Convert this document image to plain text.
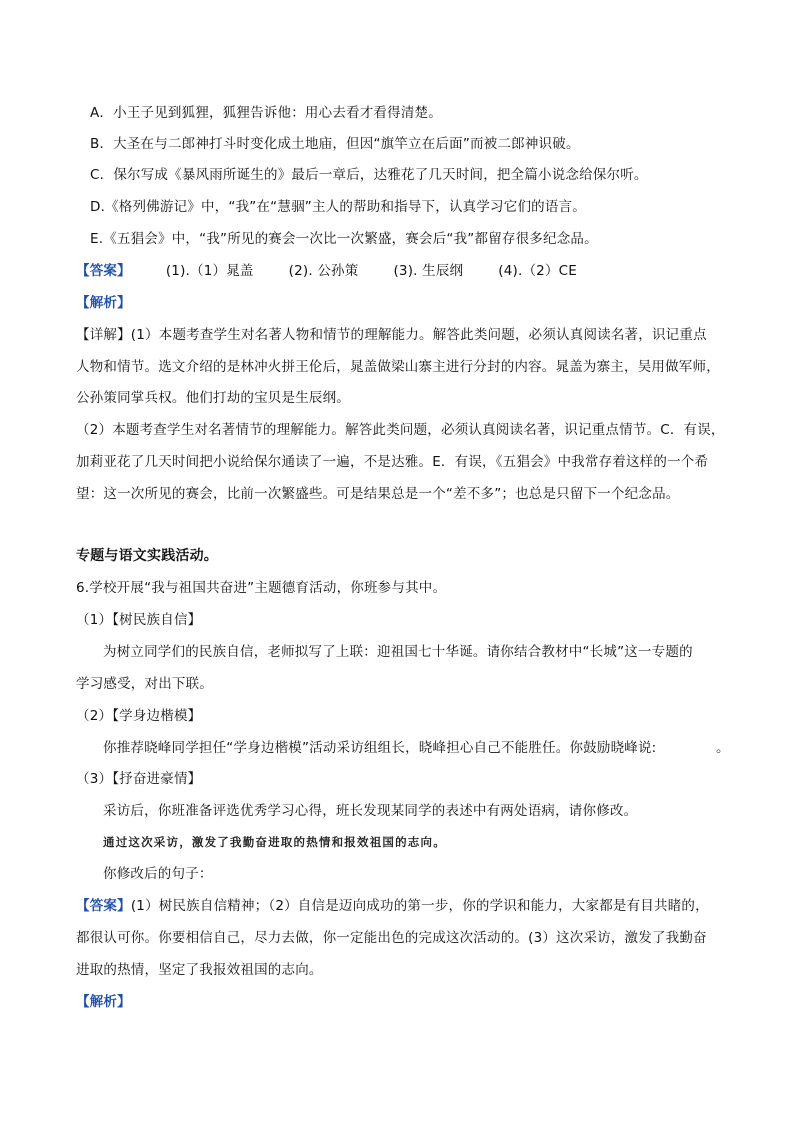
A．小王子见到狐狸，狐狸告诉他：用心去看才看得清楚。
B．大圣在与二郎神打斗时变化成土地庙，但因“旗竿立在后面”而被二郎神识破。
C．保尔写成《暴风雨所诞生的》最后一章后，达雅花了几天时间，把全篇小说念给保尔听。
D.《格列佛游记》中，“我”在“慧骃”主人的帮助和指导下，认真学习它们的语言。
E.《五猖会》中，“我”所见的赛会一次比一次繁盛，赛会后“我”都留存很多纪念品。
【答案】	(1).（1）晁盖	(2). 公孙策	(3). 生辰纲	(4).（2）CE
【解析】
【详解】(1）本题考查学生对名著人物和情节的理解能力。解答此类问题，必须认真阅读名著，识记重点
人物和情节。选文介绍的是林冲火拼王伦后，晁盖做梁山寨主进行分封的内容。晁盖为寨主，吴用做军师，
公孙策同掌兵权。他们打劫的宝贝是生辰纲。
（2）本题考查学生对名著情节的理解能力。解答此类问题，必须认真阅读名著，识记重点情节。C．有误，
加莉亚花了几天时间把小说给保尔通读了一遍，不是达雅。E．有误，《五猖会》中我常存着这样的一个希
望：这一次所见的赛会，比前一次繁盛些。可是结果总是一个“差不多”；也总是只留下一个纪念品。
专题与语文实践活动。
6.学校开展“我与祖国共奋进”主题德育活动，你班参与其中。
（1）【树民族自信】
为树立同学们的民族自信，老师拟写了上联：迎祖国七十华诞。请你结合教材中“长城”这一专题的
学习感受，对出下联。
（2）【学身边楷模】
你推荐晓峰同学担任“学身边楷模”活动采访组组长，晓峰担心自己不能胜任。你鼓励晓峰说:	。
（3）【抒奋进豪情】
采访后，你班准备评选优秀学习心得，班长发现某同学的表述中有两处语病，请你修改。
通过这次采访，激发了我勤奋进取的热情和报效祖国的志向。
你修改后的句子：
【答案】(1）树民族自信精神；（2）自信是迈向成功的第一步，你的学识和能力，大家都是有目共睹的，
都很认可你。你要相信自己，尽力去做，你一定能出色的完成这次活动的。(3）这次采访，激发了我勤奋
进取的热情，坚定了我报效祖国的志向。
【解析】
